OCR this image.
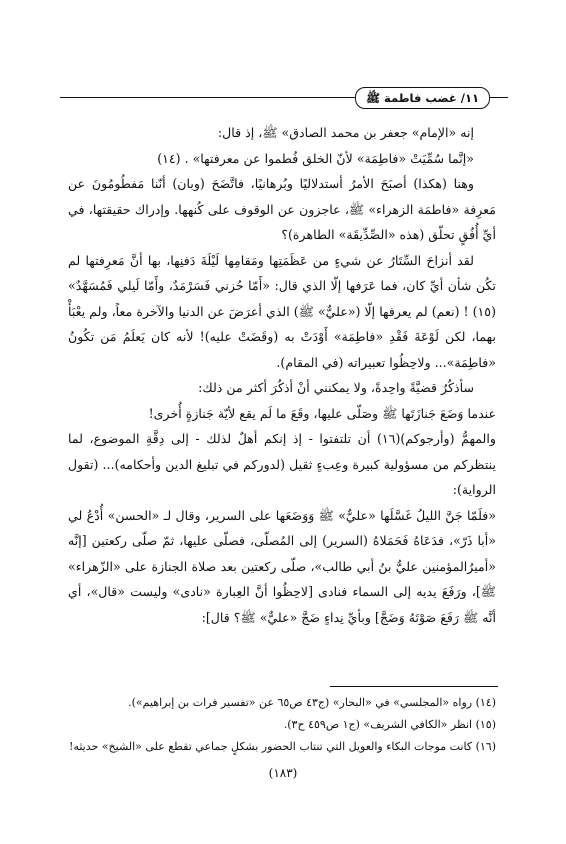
١١/ غضب فاطمة ﷺ

إنه «الإمام» جعفر بن محمد الصادق» ﷺ، إذ قال:

«إنَّما سُمِّيَتْ «فاطِمَة» لأنّ الخلق فُطموا عن معرفتها» . (١٤)

وهنا (هكذا) أصبَحَ الأمرُ أستدلاليًا وبُرهانيًا، فاتَّضَحَ (وبان) أنّنا مَفطُومُونَ عن مَعرِفة «فاطمَة الزهراء» ﷺ، عاجزون عن الوقوف على كُنهها. وإدراك حقيقتها، في أيِّ أُفُقٍ تحلّق (هذه «الصِّدِّيقَة» الطاهرة)؟

لقد أنزاحَ السِّتَارُ عن شيءٍ من عَظَمَتِها ومَقامِها لَيْلَةَ دَفنِها، بها أنَّ مَعرِفتها لم تكُن شأن أيِّ كان، فما عَرَفها إلّا الذي قال: «أَمّا حُزني فَسَرْمَدٌ، وأَمّا لَيلي فَمُسَهَّدٌ» (١٥) ! (نعم) لم يعرفها إلّا («عليٌّ» ﷺ) الذي أعرَضَ عن الدنيا والآخرة معاً، ولم يعْبَأْ بهما، لكن لَوْعَةَ فَقْدِ «فاطِمَة» أَوْدَتْ به (وقَضَتْ عليه)! لأنه كان يَعلَمُ مَن تكُونُ «فاطِمَة»... ولاحِظُوا تعبيراته (في المقام).

سأذكُرُ قضيَّةً واحِدةً، ولا يمكنني أنْ أذكُرَ أكثر من ذلك:

عندما وَضَعَ جَنازَتَها ﷺ وصَلّى عليها، وقَعَ ما لَم يقع لأيّة جَنازةٍ أُخرى!

والمهمُّ (وأرجوكم)(١٦) أن تلتفتوا - إذ إنكم أهلٌ لذلك - إلى دِقَّةِ الموضوع، لما ينتظركم من مسؤولية كبيرة وعِبءٍ ثقيل (لدوركم في تبليغ الدين وأحكامه)... (تقول الرواية):

«فلَمّا جَنَّ الليلُ غَسَّلَها «عليٌّ» ﷺ وَوَضَعَها على السرير، وقال لـ «الحسن» أُدْعُ لي «أبا ذَرّ»، فدَعَاهُ فَحَمَلاهُ (السرير) إلى المُصلّى، فصلّى عليها، ثمّ صلّى ركعتين [إنَّه «أميرُالمؤمنين عليُّ بنُ أبي طالب»، صلّى ركعتين بعد صلاة الجنازة على «الزّهراء» ﷺ]، ورَفَعَ يديه إلى السماء فنادى [لاحِظُوا أنَّ العِبارة «نادى» وليست «قال»، أي أنَّه ﷺ رَفَعَ صَوْتَهُ وَضَجَّ] وبأيِّ نِداءٍ ضَجَّ «عليٌّ» ﷺ؟ قال]:

(١٤) رواه «المجلسي» في «البحار» (ج٤٣ ص٦٥ عن «تفسير فرات بن إبراهيم»).

(١٥) انظر «الكافي الشريف» (ج١ ص٤٥٩ ح٣).

(١٦) كانت موجات البكاء والعويل التي تنتاب الحضور بشكلٍ جماعي تقطع على «الشيخ» حديثه!

(١٨٣)
